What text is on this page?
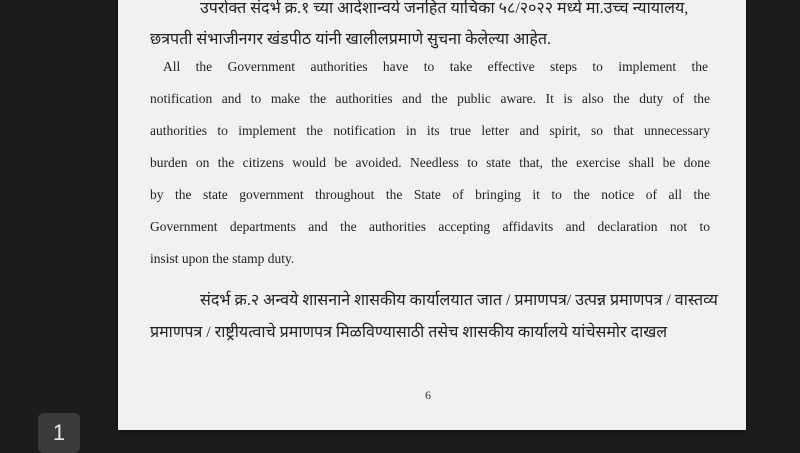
उपरोक्त संदर्भ क्र.१ च्या आदेशान्वये जनहित याचिका ५८/२०२२ मध्ये मा.उच्च न्यायालय,
छत्रपती संभाजीनगर खंडपीठ यांनी खालीलप्रमाणे सुचना केलेल्या आहेत.
All the Government authorities have to take effective steps to implement the
notification and to make the authorities and the public aware. It is also the duty of the
authorities to implement the notification in its true letter and spirit, so that unnecessary
burden on the citizens would be avoided. Needless to state that, the exercise shall be done
by the state government throughout the State of bringing it to the notice of all the
Government departments and the authorities accepting affidavits and declaration not to
insist upon the stamp duty.
संदर्भ क्र.२ अन्वये शासनाने शासकीय कार्यालयात जात / प्रमाणपत्र/ उत्पन्न प्रमाणपत्र / वास्तव्य
प्रमाणपत्र / राष्ट्रीयत्वाचे प्रमाणपत्र मिळविण्यासाठी तसेच शासकीय कार्यालये यांचेसमोर दाखल
6
1
